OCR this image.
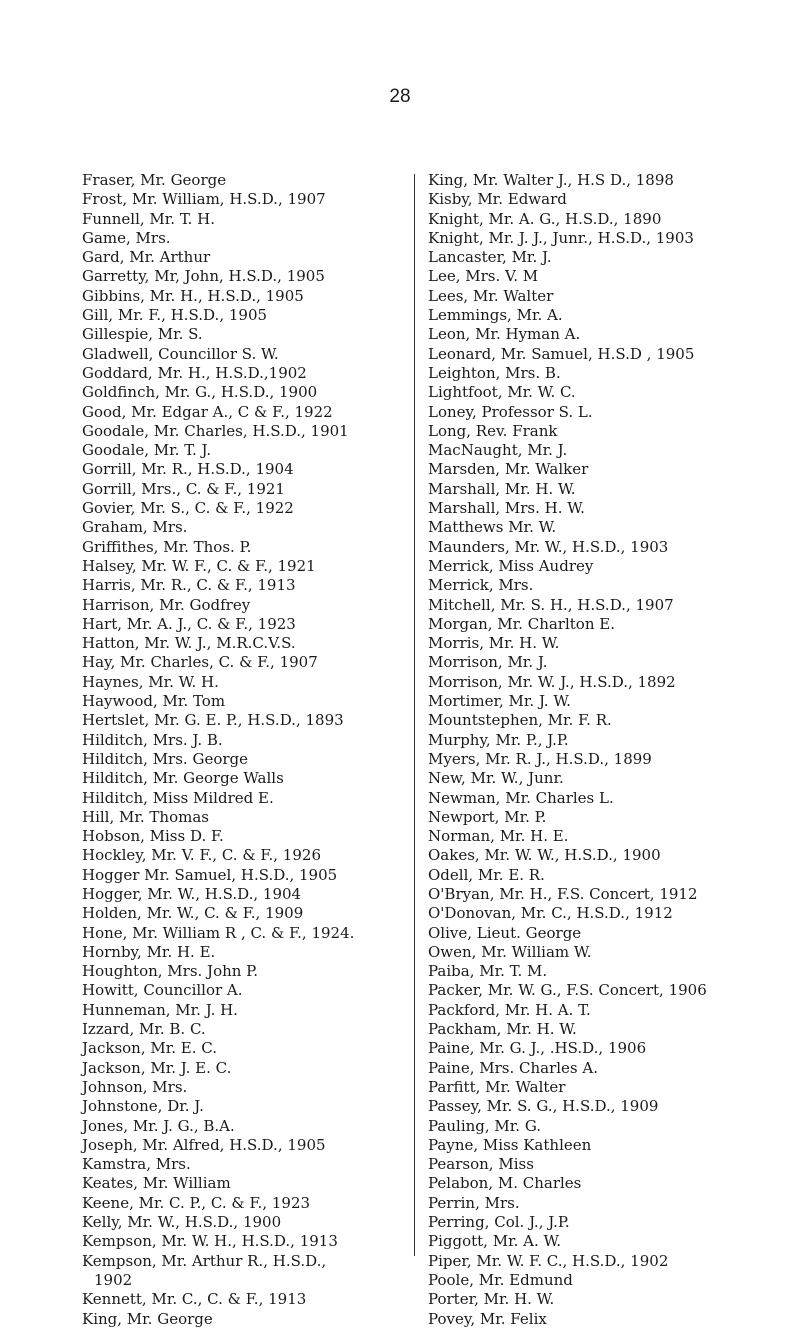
28
Fraser, Mr. George
Frost, Mr. William, H.S.D., 1907
Funnell, Mr. T. H.
Game, Mrs.
Gard, Mr. Arthur
Garretty, Mr, John, H.S.D., 1905
Gibbins, Mr. H., H.S.D., 1905
Gill, Mr. F., H.S.D., 1905
Gillespie, Mr. S.
Gladwell, Councillor S. W.
Goddard, Mr. H., H.S.D.,1902
Goldfinch, Mr. G., H.S.D., 1900
Good, Mr. Edgar A., C & F., 1922
Goodale, Mr. Charles, H.S.D., 1901
Goodale, Mr. T. J.
Gorrill, Mr. R., H.S.D., 1904
Gorrill, Mrs., C. & F., 1921
Govier, Mr. S., C. & F., 1922
Graham, Mrs.
Griffithes, Mr. Thos. P.
Halsey, Mr. W. F., C. & F., 1921
Harris, Mr. R., C. & F., 1913
Harrison, Mr. Godfrey
Hart, Mr. A. J., C. & F., 1923
Hatton, Mr. W. J., M.R.C.V.S.
Hay, Mr. Charles, C. & F., 1907
Haynes, Mr. W. H.
Haywood, Mr. Tom
Hertslet, Mr. G. E. P., H.S.D., 1893
Hilditch, Mrs. J. B.
Hilditch, Mrs. George
Hilditch, Mr. George Walls
Hilditch, Miss Mildred E.
Hill, Mr. Thomas
Hobson, Miss D. F.
Hockley, Mr. V. F., C. & F., 1926
Hogger Mr. Samuel, H.S.D., 1905
Hogger, Mr. W., H.S.D., 1904
Holden, Mr. W., C. & F., 1909
Hone, Mr. William R , C. & F., 1924.
Hornby, Mr. H. E.
Houghton, Mrs. John P.
Howitt, Councillor A.
Hunneman, Mr. J. H.
Izzard, Mr. B. C.
Jackson, Mr. E. C.
Jackson, Mr. J. E. C.
Johnson, Mrs.
Johnstone, Dr. J.
Jones, Mr. J. G., B.A.
Joseph, Mr. Alfred, H.S.D., 1905
Kamstra, Mrs.
Keates, Mr. William
Keene, Mr. C. P., C. & F., 1923
Kelly, Mr. W., H.S.D., 1900
Kempson, Mr. W. H., H.S.D., 1913
Kempson, Mr. Arthur R., H.S.D.,
1902
Kennett, Mr. C., C. & F., 1913
King, Mr. George
King, Mr. Walter J., H.S D., 1898
Kisby, Mr. Edward
Knight, Mr. A. G., H.S.D., 1890
Knight, Mr. J. J., Junr., H.S.D., 1903
Lancaster, Mr. J.
Lee, Mrs. V. M
Lees, Mr. Walter
Lemmings, Mr. A.
Leon, Mr. Hyman A.
Leonard, Mr. Samuel, H.S.D , 1905
Leighton, Mrs. B.
Lightfoot, Mr. W. C.
Loney, Professor S. L.
Long, Rev. Frank
MacNaught, Mr. J.
Marsden, Mr. Walker
Marshall, Mr. H. W.
Marshall, Mrs. H. W.
Matthews Mr. W.
Maunders, Mr. W., H.S.D., 1903
Merrick, Miss Audrey
Merrick, Mrs.
Mitchell, Mr. S. H., H.S.D., 1907
Morgan, Mr. Charlton E.
Morris, Mr. H. W.
Morrison, Mr. J.
Morrison, Mr. W. J., H.S.D., 1892
Mortimer, Mr. J. W.
Mountstephen, Mr. F. R.
Murphy, Mr. P., J.P.
Myers, Mr. R. J., H.S.D., 1899
New, Mr. W., Junr.
Newman, Mr. Charles L.
Newport, Mr. P.
Norman, Mr. H. E.
Oakes, Mr. W. W., H.S.D., 1900
Odell, Mr. E. R.
O'Bryan, Mr. H., F.S. Concert, 1912
O'Donovan, Mr. C., H.S.D., 1912
Olive, Lieut. George
Owen, Mr. William W.
Paiba, Mr. T. M.
Packer, Mr. W. G., F.S. Concert, 1906
Packford, Mr. H. A. T.
Packham, Mr. H. W.
Paine, Mr. G. J., .HS.D., 1906
Paine, Mrs. Charles A.
Parfitt, Mr. Walter
Passey, Mr. S. G., H.S.D., 1909
Pauling, Mr. G.
Payne, Miss Kathleen
Pearson, Miss
Pelabon, M. Charles
Perrin, Mrs.
Perring, Col. J., J.P.
Piggott, Mr. A. W.
Piper, Mr. W. F. C., H.S.D., 1902
Poole, Mr. Edmund
Porter, Mr. H. W.
Povey, Mr. Felix
